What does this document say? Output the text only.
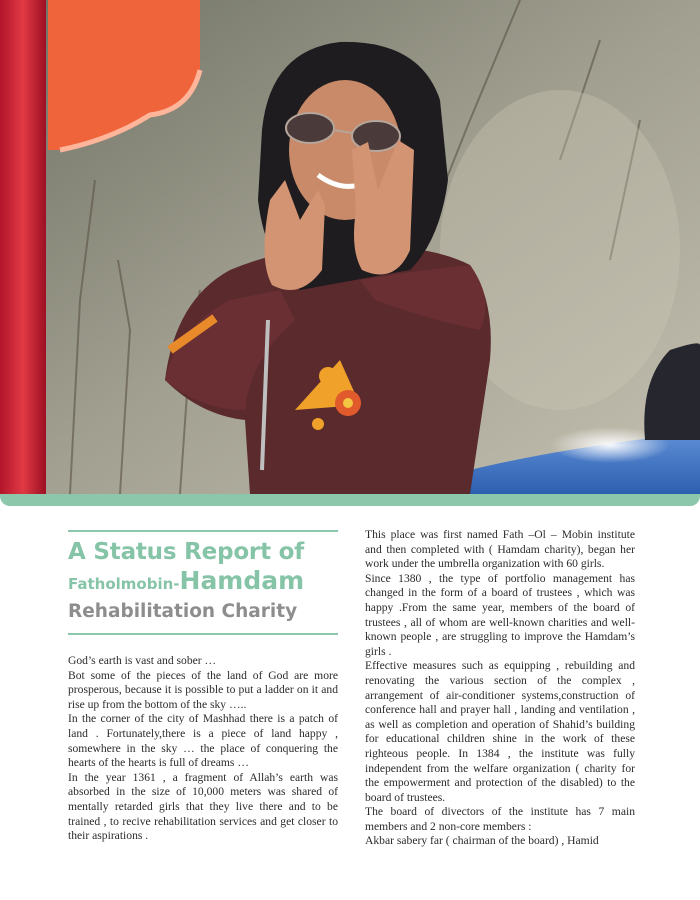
A Status Report of
Fatholmobin-Hamdam
Rehabilitation Charity

God’s earth is vast and sober …

Bot some of the pieces of the land of God are more prosperous, because it is possible to put a ladder on it and rise up from the bottom of the sky …..

In the corner of the city of Mashhad there is a patch of land . Fortunately,there is a piece of land happy , somewhere in the sky … the place of conquering the hearts of the hearts is full of dreams …

In the year 1361 , a fragment of Allah’s earth was absorbed in the size of 10,000 meters was shared of mentally retarded girls that they live there and to be trained , to recive rehabilitation services and get closer to their aspirations .

This place was first named Fath –Ol – Mobin institute and then completed with ( Hamdam charity), began her work under the umbrella organization with 60 girls.

Since 1380 , the type of portfolio management has changed in the form of a board of trustees , which was happy .From the same year, members of the board of trustees , all of whom are well-known charities and well-known people , are struggling to improve the Hamdam’s girls .

Effective measures such as equipping , rebuilding and renovating the various section of the complex , arrangement of air-conditioner systems,construction of conference hall and prayer hall , landing and ventilation , as well as completion and operation of Shahid’s building for educational children shine in the work of these righteous people. In 1384 , the institute was fully independent from the welfare organization ( charity for the empowerment and protection of the disabled) to the board of trustees.

The board of divectors of the institute has 7 main members and 2 non-core members :

Akbar sabery far ( chairman of the board) , Hamid
